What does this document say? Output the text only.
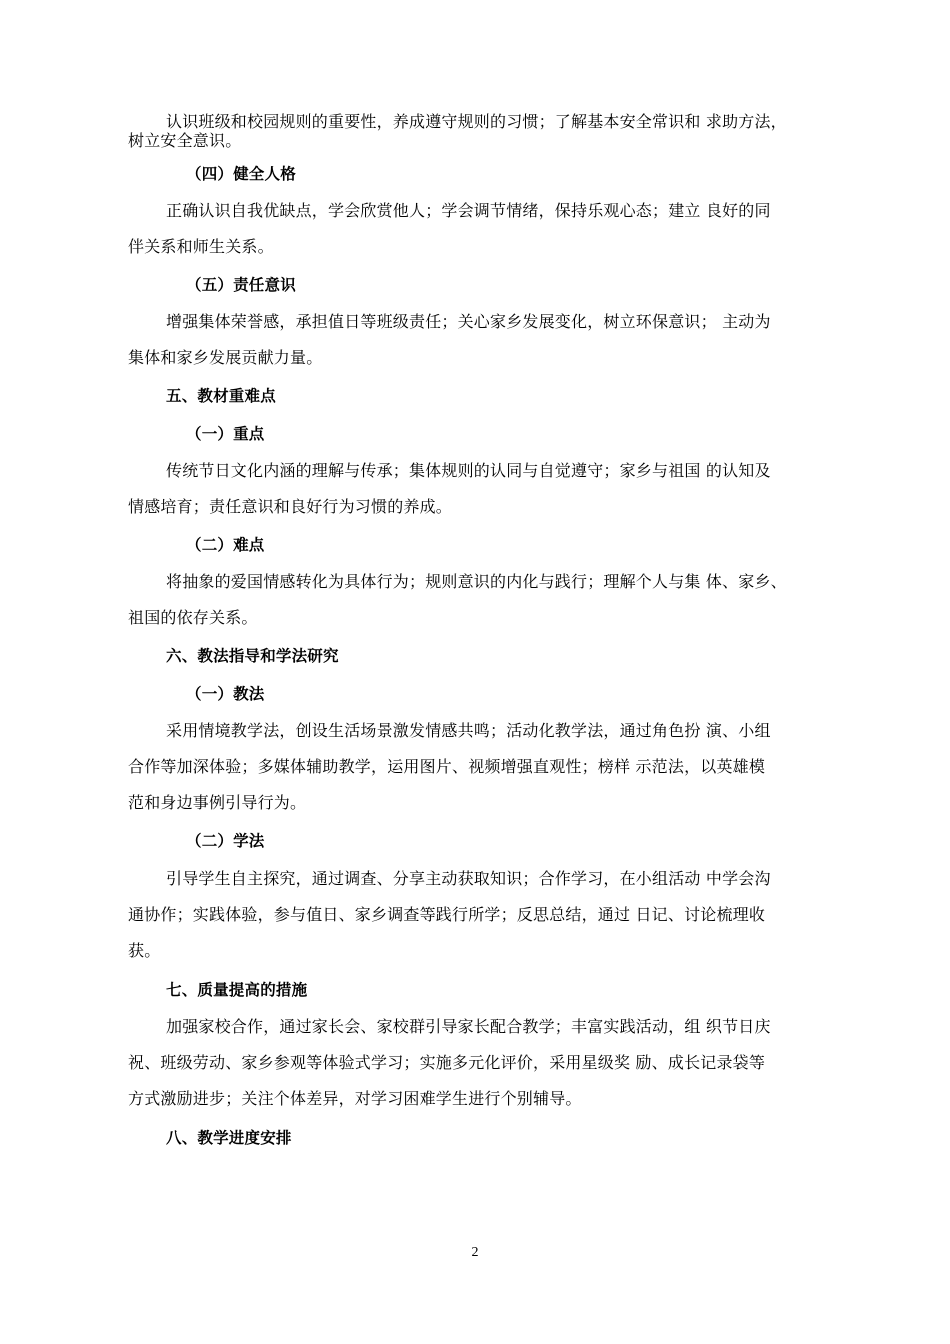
认识班级和校园规则的重要性，养成遵守规则的习惯；了解基本安全常识和 求助方法，
树立安全意识。
（四）健全人格
正确认识自我优缺点，学会欣赏他人；学会调节情绪，保持乐观心态；建立 良好的同
伴关系和师生关系。
（五）责任意识
增强集体荣誉感，承担值日等班级责任；关心家乡发展变化，树立环保意识； 主动为
集体和家乡发展贡献力量。
五、教材重难点
（一）重点
传统节日文化内涵的理解与传承；集体规则的认同与自觉遵守；家乡与祖国 的认知及
情感培育；责任意识和良好行为习惯的养成。
（二）难点
将抽象的爱国情感转化为具体行为；规则意识的内化与践行；理解个人与集 体、家乡、
祖国的依存关系。
六、教法指导和学法研究
（一）教法
采用情境教学法，创设生活场景激发情感共鸣；活动化教学法，通过角色扮 演、小组
合作等加深体验；多媒体辅助教学，运用图片、视频增强直观性；榜样 示范法，以英雄模
范和身边事例引导行为。
（二）学法
引导学生自主探究，通过调查、分享主动获取知识；合作学习，在小组活动 中学会沟
通协作；实践体验，参与值日、家乡调查等践行所学；反思总结，通过 日记、讨论梳理收
获。
七、质量提高的措施
加强家校合作，通过家长会、家校群引导家长配合教学；丰富实践活动，组 织节日庆
祝、班级劳动、家乡参观等体验式学习；实施多元化评价，采用星级奖 励、成长记录袋等
方式激励进步；关注个体差异，对学习困难学生进行个别辅导。
八、教学进度安排
2
